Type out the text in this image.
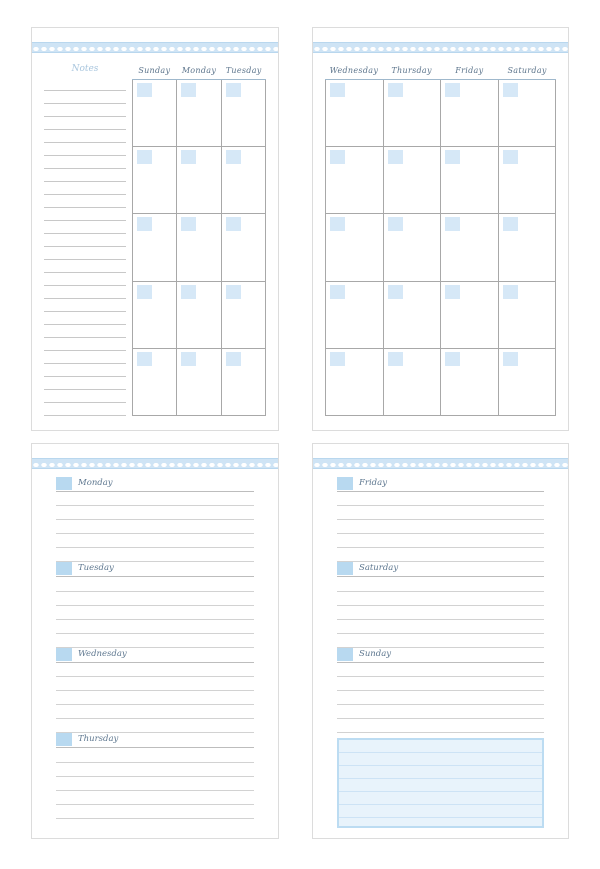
Notes	Sunday	Monday	Tuesday	Wednesday	Thursday	Friday	Saturday
Monday
Tuesday
Wednesday
Thursday
Friday
Saturday
Sunday
